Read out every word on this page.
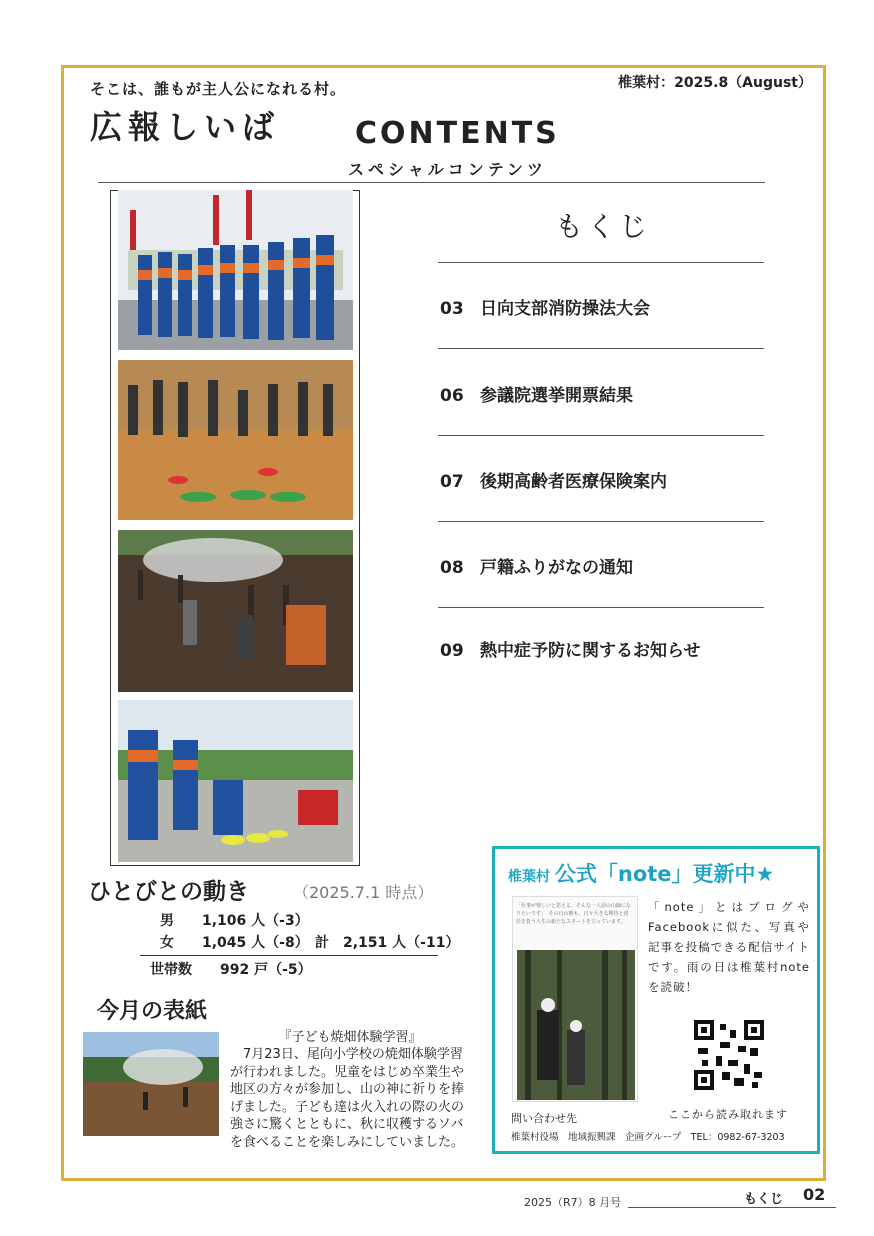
そこは、誰もが主人公になれる村。
広報しいば
椎葉村：2025.8（August）
CONTENTS
スペシャルコンテンツ
もくじ
03 日向支部消防操法大会
06 参議院選挙開票結果
07 後期高齢者医療保険案内
08 戸籍ふりがなの通知
09 熱中症予防に関するお知らせ
ひとびとの動き	（2025.7.1 時点）
男　　1,106 人（-3）
女　　1,045 人（-8） 計　2,151 人（-11）
世帯数　　992 戸（-5）
今月の表紙
『子ども焼畑体験学習』
　7月23日、尾向小学校の焼畑体験学習が行われました。児童をはじめ卒業生や地区の方々が参加し、山の神に祈りを捧げました。子ども達は火入れの際の火の強さに驚くとともに、秋に収穫するソバを食べることを楽しみにしていました。
椎葉村 公式「note」更新中★
「仕事が楽しいと思える、そんな一人前の山師になりたいです」　その日の朝も、日々大きな期待と責任を負う人生の新たなスタートを立っています。
「note」とはブログやFacebookに似た、写真や記事を投稿できる配信サイトです。雨の日は椎葉村noteを読破！
ここから読み取れます
問い合わせ先
椎葉村役場　地域振興課　企画グループ　TEL：0982-67-3203
2025（R7）8 月号	もくじ 02
